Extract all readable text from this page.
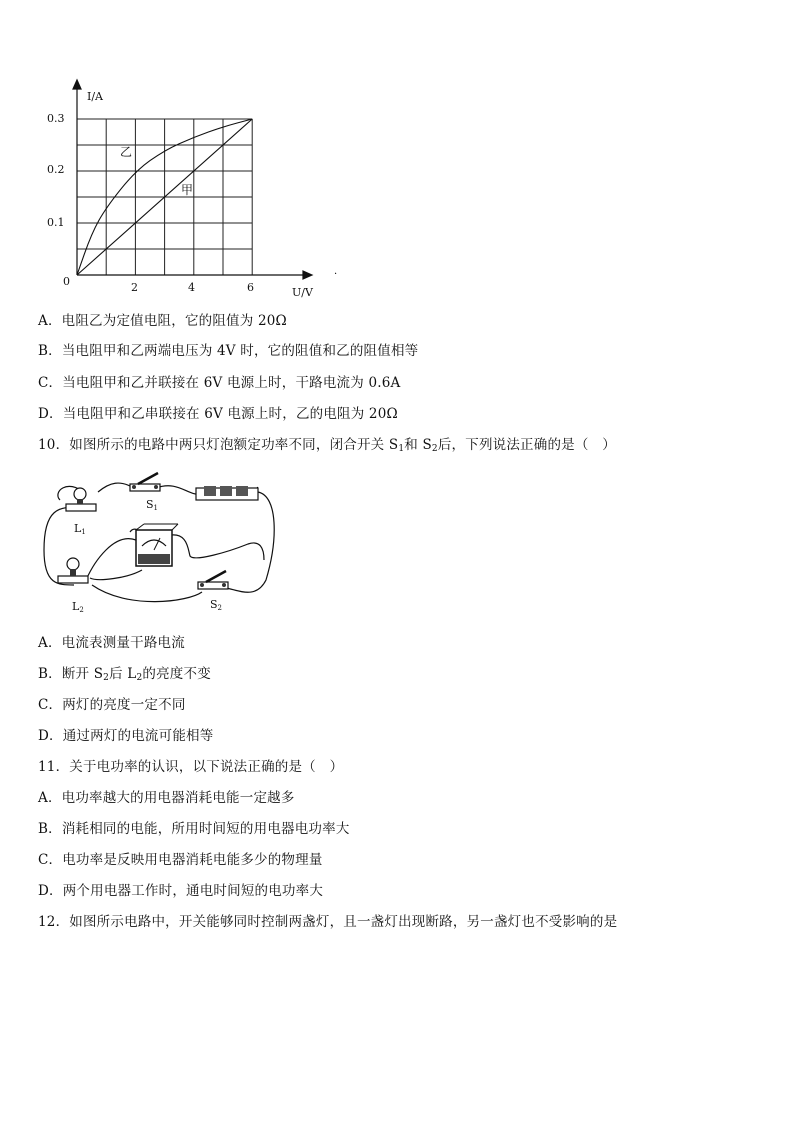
I/A
U/V
0
0.3
0.2
0.1
2	4	6
乙
甲
.
A．电阻乙为定值电阻，它的阻值为 20Ω
B．当电阻甲和乙两端电压为 4V 时，它的阻值和乙的阻值相等
C．当电阻甲和乙并联接在 6V 电源上时，干路电流为 0.6A
D．当电阻甲和乙串联接在 6V 电源上时，乙的电阻为 20Ω
10．如图所示的电路中两只灯泡额定功率不同，闭合开关 $S_1$和 $S_2$后，下列说法正确的是（　）
L1
L2
S1
S2
.
A．电流表测量干路电流
B．断开 $S_2$后 $L_2$的亮度不变
C．两灯的亮度一定不同
D．通过两灯的电流可能相等
11．关于电功率的认识，以下说法正确的是（　）
A．电功率越大的用电器消耗电能一定越多
B．消耗相同的电能，所用时间短的用电器电功率大
C．电功率是反映用电器消耗电能多少的物理量
D．两个用电器工作时，通电时间短的电功率大
12．如图所示电路中，开关能够同时控制两盏灯，且一盏灯出现断路，另一盏灯也不受影响的是
